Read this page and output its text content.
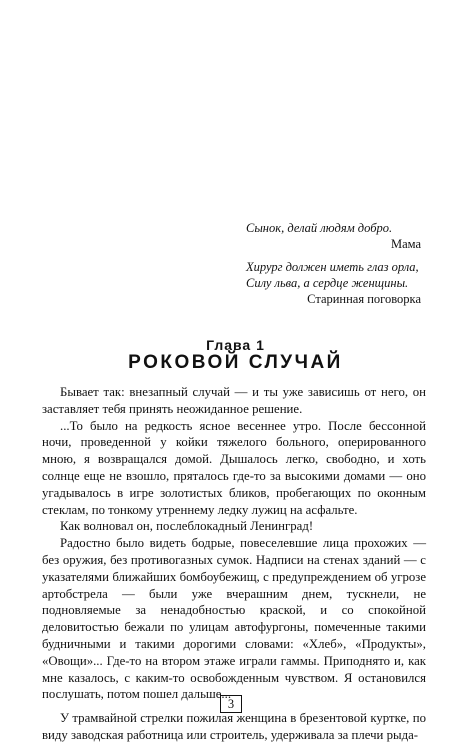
Сынок, делай людям добро.
Мама
Хирург должен иметь глаз орла,
Силу льва, а сердце женщины.
Старинная поговорка
Глава 1
РОКОВОЙ СЛУЧАЙ

Бывает так: внезапный случай — и ты уже зависишь от него, он заставляет тебя принять неожиданное решение.

...То было на редкость ясное весеннее утро. После бессонной ночи, проведенной у койки тяжелого больного, оперированного мною, я возвращался домой. Дышалось легко, свободно, и хоть солнце еще не взошло, пряталось где-то за высокими домами — оно угадывалось в игре золотистых бликов, пробегающих по оконным стеклам, по тонкому утреннему ледку лужиц на асфальте.

Как волновал он, послеблокадный Ленинград!

Радостно было видеть бодрые, повеселевшие лица прохожих — без оружия, без противогазных сумок. Надписи на стенах зданий — с указателями ближайших бомбоубежищ, с предупреждением об угрозе артобстрела — были уже вчерашним днем, тускнели, не подновляемые за ненадобностью краской, и со спокойной деловитостью бежали по улицам автофургоны, помеченные такими будничными и такими дорогими словами: «Хлеб», «Продукты», «Овощи»... Где-то на втором этаже играли гаммы. Приподнято и, как мне казалось, с каким-то освобожденным чувством. Я остановился послушать, потом пошел дальше...

У трамвайной стрелки пожилая женщина в брезентовой куртке, по виду заводская работница или строитель, удерживала за плечи рыда-

3
